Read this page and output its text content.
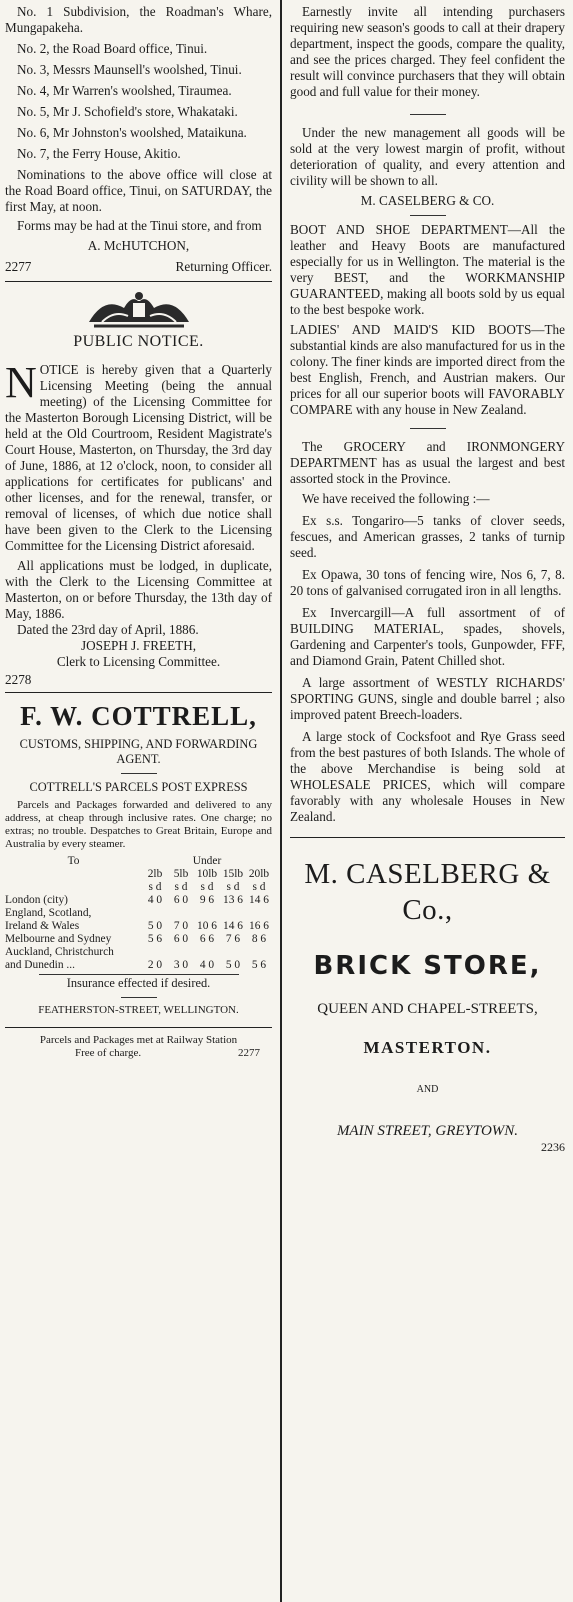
No. 1 Subdivision, the Roadman's Whare, Mungapakeha.

No. 2, the Road Board office, Tinui.

No. 3, Messrs Maunsell's woolshed, Tinui.

No. 4, Mr Warren's woolshed, Tiraumea.

No. 5, Mr J. Schofield's store, Whakataki.

No. 6, Mr Johnston's woolshed, Mataikuna.

No. 7, the Ferry House, Akitio.

Nominations to the above office will close at the Road Board office, Tinui, on SATURDAY, the first May, at noon.

Forms may be had at the Tinui store, and from

A. McHUTCHON,

2277	Returning Officer.

PUBLIC NOTICE.

N OTICE is hereby given that a Quarterly Licensing Meeting (being the annual meeting) of the Licensing Committee for the Masterton Borough Licensing District, will be held at the Old Courtroom, Resident Magistrate's Court House, Masterton, on Thursday, the 3rd day of June, 1886, at 12 o'clock, noon, to consider all applications for certificates for publicans' and other licenses, and for the renewal, transfer, or removal of licenses, of which due notice shall have been given to the Clerk to the Licensing Committee for the Licensing District aforesaid.

All applications must be lodged, in duplicate, with the Clerk to the Licensing Committee at Masterton, on or before Thursday, the 13th day of May, 1886.

Dated the 23rd day of April, 1886.

JOSEPH J. FREETH,

Clerk to Licensing Committee.

2278

F. W. COTTRELL,

CUSTOMS, SHIPPING, AND FORWARDING AGENT.

COTTRELL'S PARCELS POST EXPRESS

Parcels and Packages forwarded and delivered to any address, at cheap through inclusive rates. One charge; no extras; no trouble. Despatches to Great Britain, Europe and Australia by every steamer.

To	Under				
	2lb	5lb	10lb	15lb	20lb
	s d	s d	s d	s d	s d
London (city)	4 0	6 0	9 6	13 6	14 6
England, Scotland,					
Ireland & Wales	5 0	7 0	10 6	14 6	16 6
Melbourne and Sydney	5 6	6 0	6 6	7 6	8 6
Auckland, Christchurch					
and Dunedin ...	2 0	3 0	4 0	5 0	5 6

Insurance effected if desired.

FEATHERSTON-STREET, WELLINGTON.

Parcels and Packages met at Railway Station

Free of charge.	2277

Earnestly invite all intending purchasers requiring new season's goods to call at their drapery department, inspect the goods, compare the quality, and see the prices charged. They feel confident the result will convince purchasers that they will obtain good and full value for their money.

Under the new management all goods will be sold at the very lowest margin of profit, without deterioration of quality, and every attention and civility will be shown to all.

M. CASELBERG & CO.

BOOT AND SHOE DEPARTMENT—All the leather and Heavy Boots are manufactured especially for us in Wellington. The material is the very BEST, and the WORKMANSHIP GUARANTEED, making all boots sold by us equal to the best bespoke work.

LADIES' AND MAID'S KID BOOTS—The substantial kinds are also manufactured for us in the colony. The finer kinds are imported direct from the best English, French, and Austrian makers. Our prices for all our superior boots will FAVORABLY COMPARE with any house in New Zealand.

The GROCERY and IRONMONGERY DEPARTMENT has as usual the largest and best assorted stock in the Province.

We have received the following :—

Ex s.s. Tongariro—5 tanks of clover seeds, fescues, and American grasses, 2 tanks of turnip seed.

Ex Opawa, 30 tons of fencing wire, Nos 6, 7, 8. 20 tons of galvanised corrugated iron in all lengths.

Ex Invercargill—A full assortment of of BUILDING MATERIAL, spades, shovels, Gardening and Carpenter's tools, Gunpowder, FFF, and Diamond Grain, Patent Chilled shot.

A large assortment of WESTLY RICHARDS' SPORTING GUNS, single and double barrel ; also improved patent Breech-loaders.

A large stock of Cocksfoot and Rye Grass seed from the best pastures of both Islands. The whole of the above Merchandise is being sold at WHOLESALE PRICES, which will compare favorably with any wholesale Houses in New Zealand.

M. CASELBERG & Co.,

BRICK STORE,

QUEEN AND CHAPEL-STREETS,

MASTERTON.

AND

MAIN STREET, GREYTOWN.

2236
